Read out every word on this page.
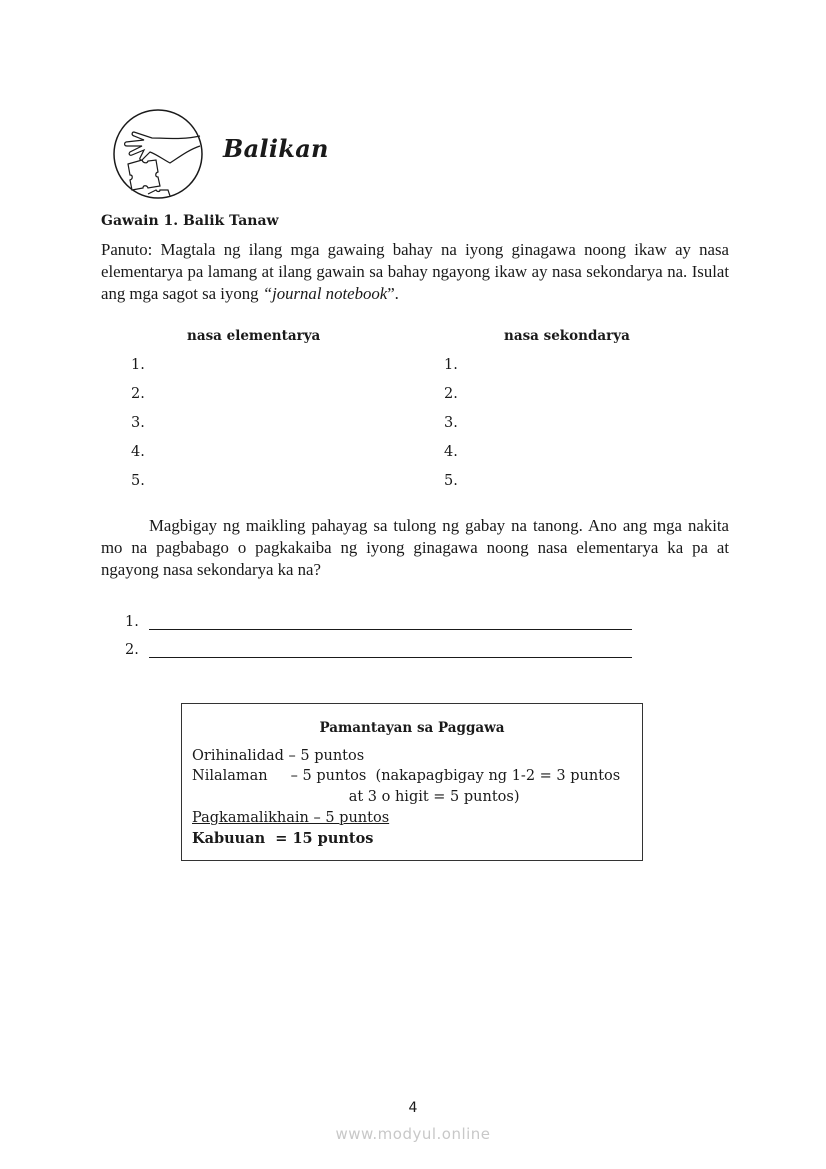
Balikan
Gawain 1. Balik Tanaw
Panuto: Magtala ng ilang mga gawaing bahay na iyong ginagawa noong ikaw ay nasa elementarya pa lamang at ilang gawain sa bahay ngayong ikaw ay nasa sekondarya na. Isulat ang mga sagot sa iyong “journal notebook”.
nasa elementarya	nasa sekondarya
1.
2.
3.
4.
5.
1.
2.
3.
4.
5.
Magbigay ng maikling pahayag sa tulong ng gabay na tanong. Ano ang mga nakita mo na pagbabago o pagkakaiba ng iyong ginagawa noong nasa elementarya ka pa at ngayong nasa sekondarya ka na?
1.
2.
Pamantayan sa Paggawa
Orihinalidad – 5 puntos
Nilalaman     – 5 puntos  (nakapagbigay ng 1-2 = 3 puntos
at 3 o higit = 5 puntos)
Pagkamalikhain – 5 puntos
Kabuuan  = 15 puntos
4
www.modyul.online
